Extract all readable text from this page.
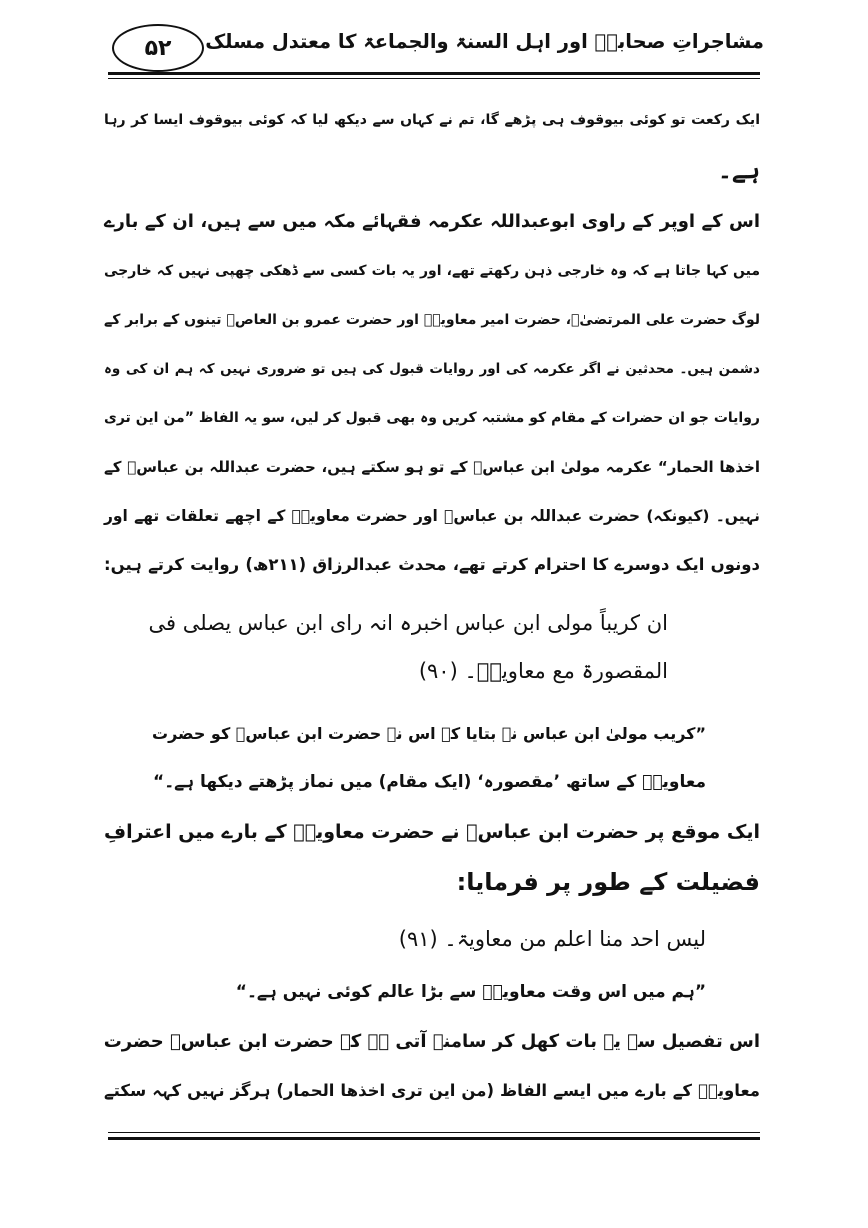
۵۲	مشاجراتِ صحابہؓ اور اہل السنۃ والجماعۃ کا معتدل مسلک
ایک رکعت تو کوئی بیوقوف ہی پڑھے گا، تم نے کہاں سے دیکھ لیا کہ کوئی بیوقوف ایسا کر رہا
ہے۔
اس کے اوپر کے راوی ابوعبداللہ عکرمہ فقہائے مکہ میں سے ہیں، ان کے بارے
میں کہا جاتا ہے کہ وہ خارجی ذہن رکھتے تھے، اور یہ بات کسی سے ڈھکی چھپی نہیں کہ خارجی
لوگ حضرت علی المرتضیٰؓ، حضرت امیر معاویہؓ اور حضرت عمرو بن العاصؓ تینوں کے برابر کے
دشمن ہیں۔ محدثین نے اگر عکرمہ کی اور روایات قبول کی ہیں تو ضروری نہیں کہ ہم ان کی وہ
روایات جو ان حضرات کے مقام کو مشتبہ کریں وہ بھی قبول کر لیں، سو یہ الفاظ ”من این تری
اخذھا الحمار“ عکرمہ مولیٰ ابن عباسؓ کے تو ہو سکتے ہیں، حضرت عبداللہ بن عباسؓ کے
نہیں۔ (کیونکہ) حضرت عبداللہ بن عباسؓ اور حضرت معاویہؓ کے اچھے تعلقات تھے اور
دونوں ایک دوسرے کا احترام کرتے تھے، محدث عبدالرزاق (۲۱۱ھ) روایت کرتے ہیں:
ان کریباً مولی ابن عباس اخبرہ انہ رای ابن عباس یصلی فی
المقصورۃ مع معاویۃؓ۔ (۹۰)
”کریب مولیٰ ابن عباس نے بتایا کہ اس نے حضرت ابن عباسؓ کو حضرت
معاویہؓ کے ساتھ ’مقصورہ‘ (ایک مقام) میں نماز پڑھتے دیکھا ہے۔“
ایک موقع پر حضرت ابن عباسؓ نے حضرت معاویہؓ کے بارے میں اعترافِ
فضیلت کے طور پر فرمایا:
لیس احد منا اعلم من معاویۃ۔ (۹۱)
”ہم میں اس وقت معاویہؓ سے بڑا عالم کوئی نہیں ہے۔“
اس تفصیل سے یہ بات کھل کر سامنے آتی ہے کہ حضرت ابن عباسؓ حضرت
معاویہؓ کے بارے میں ایسے الفاظ (من این تری اخذھا الحمار) ہرگز نہیں کہہ سکتے
